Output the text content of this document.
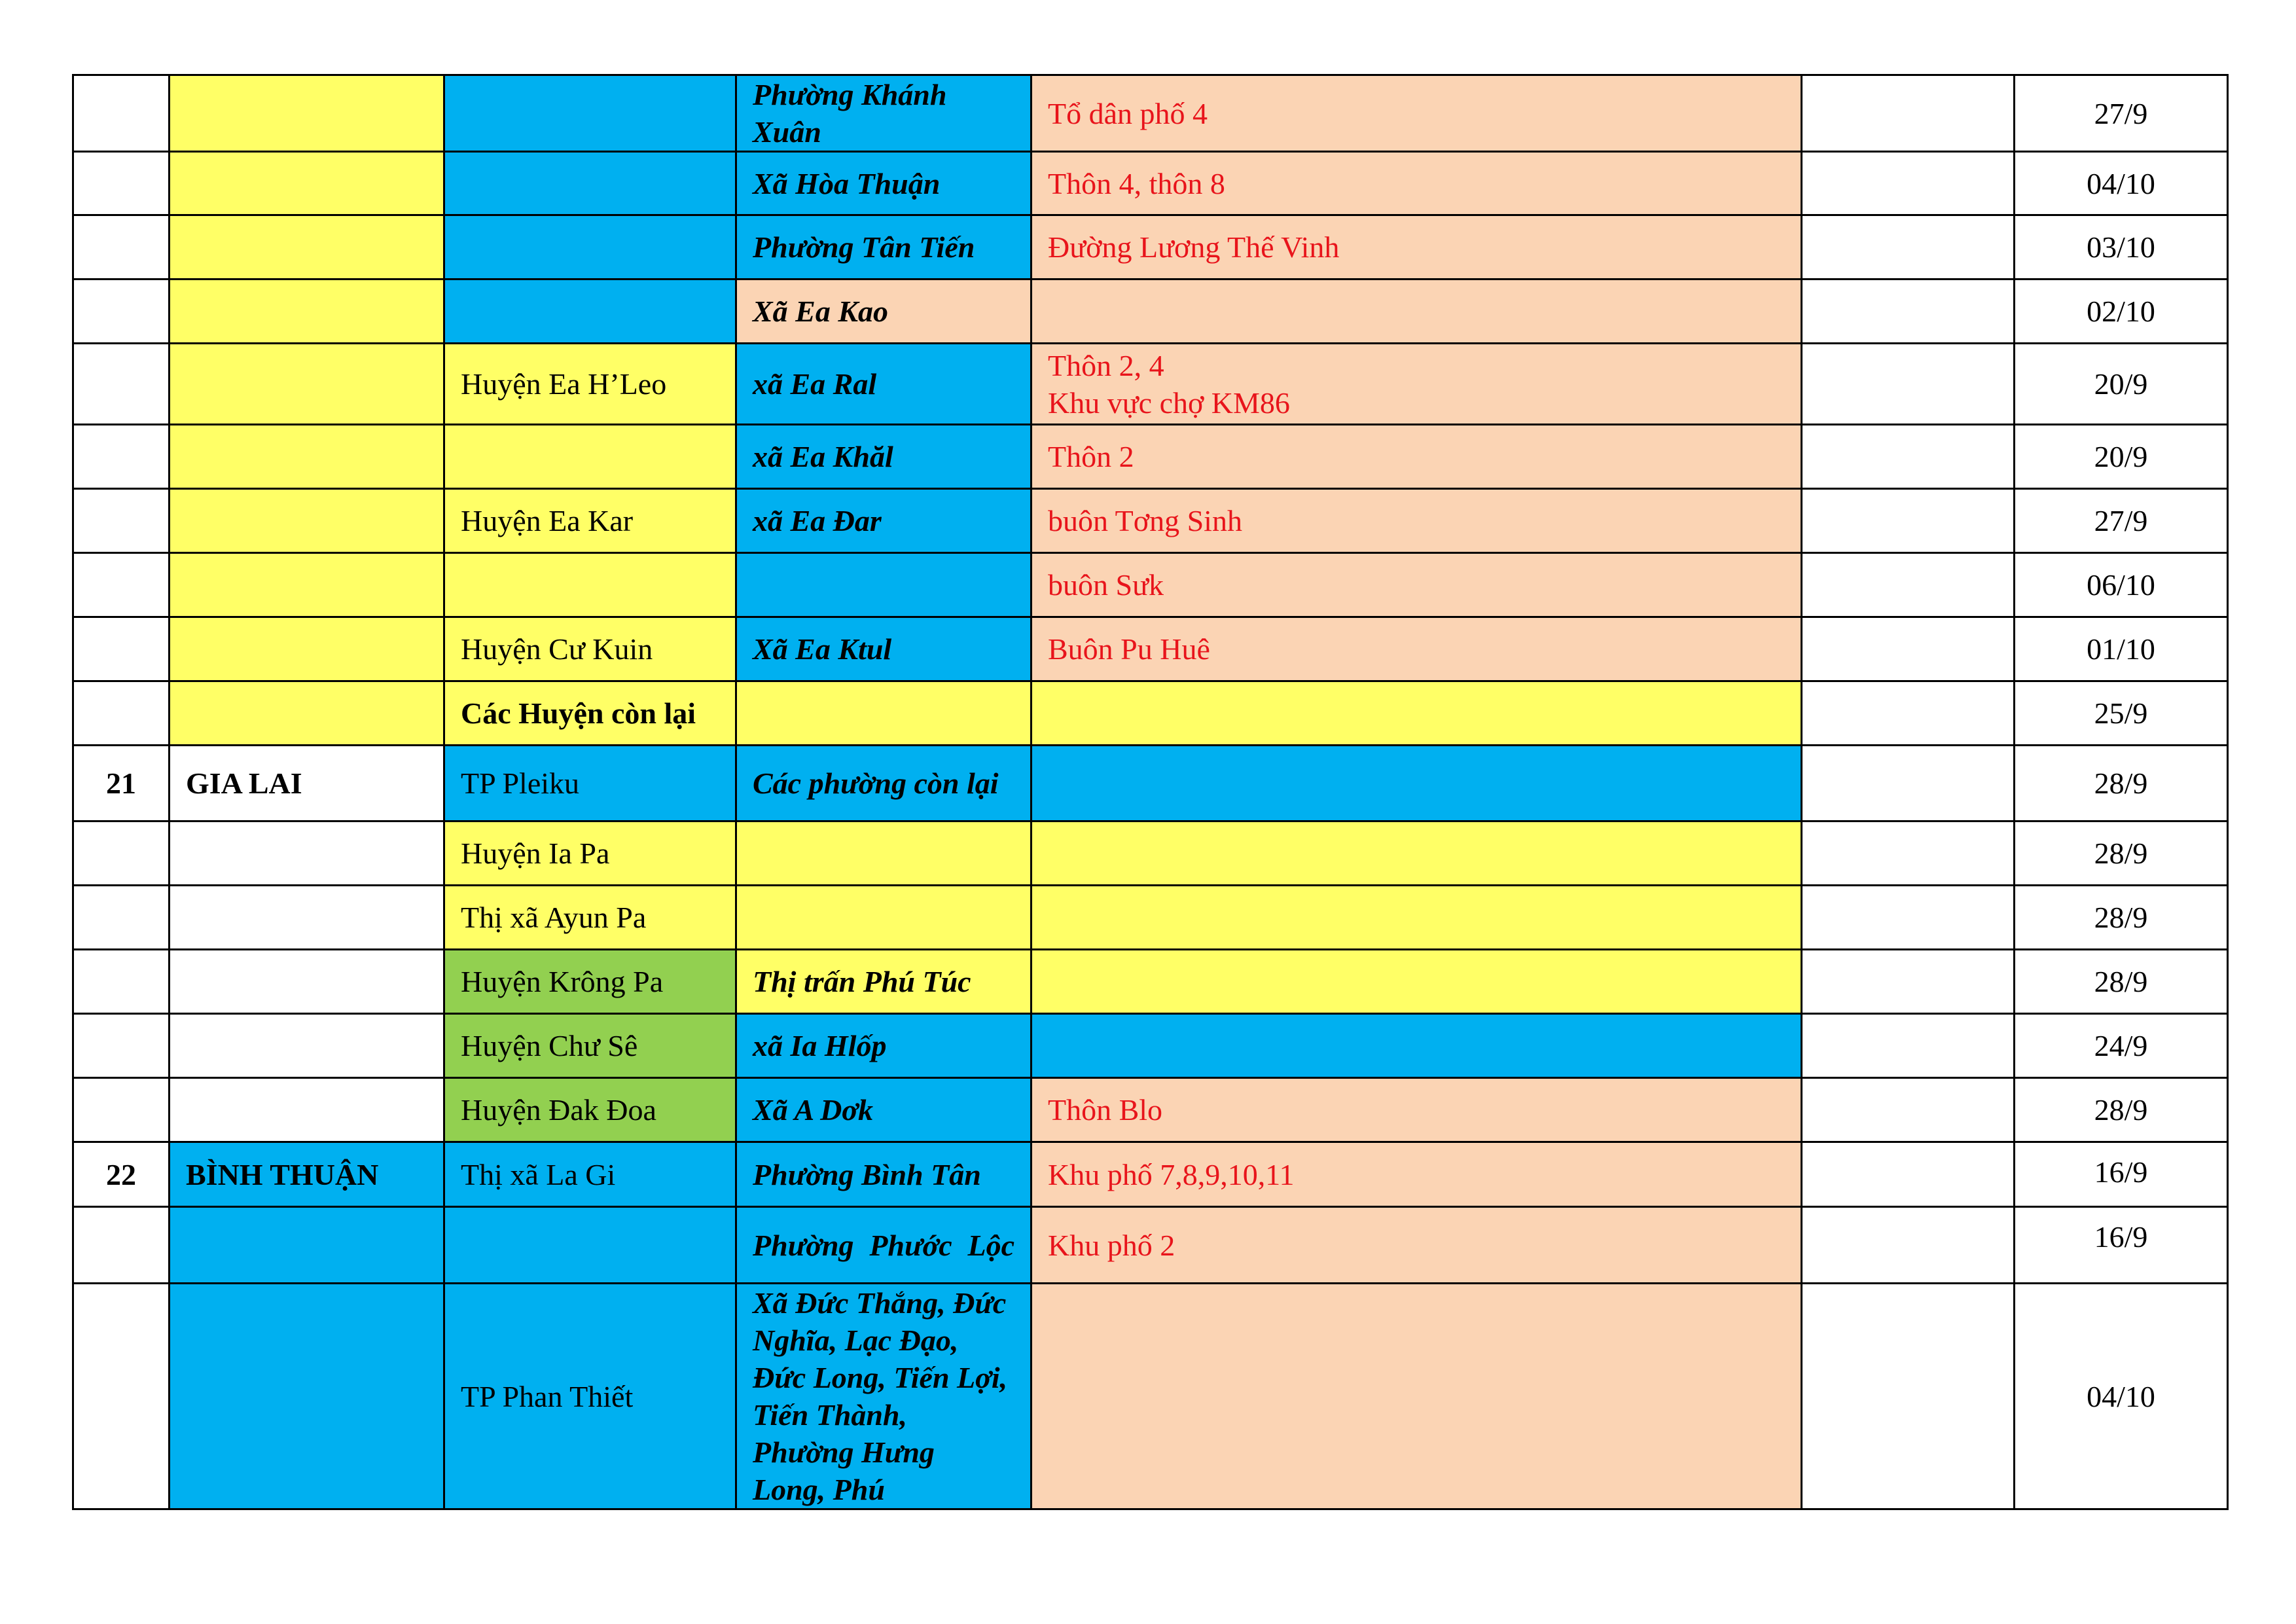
			Phường Khánh Xuân	Tổ dân phố 4		27/9
			Xã Hòa Thuận	Thôn 4, thôn 8		04/10
			Phường Tân Tiến	Đường Lương Thế Vinh		03/10
			Xã Ea Kao			02/10
		Huyện Ea H’Leo	xã Ea Ral	Thôn 2, 4
Khu vực chợ KM86		20/9
			xã Ea Khăl	Thôn 2		20/9
		Huyện Ea Kar	xã Ea Đar	buôn Tơng Sinh		27/9
				buôn Sưk		06/10
		Huyện Cư Kuin	Xã Ea Ktul	Buôn Pu Huê		01/10
		Các Huyện còn lại				25/9
21	GIA LAI	TP Pleiku	Các phường còn lại			28/9
		Huyện Ia Pa				28/9
		Thị xã Ayun Pa				28/9
		Huyện Krông Pa	Thị trấn Phú Túc			28/9
		Huyện Chư Sê	xã Ia Hlốp			24/9
		Huyện Đak Đoa	Xã A Dơk	Thôn Blo		28/9
22	BÌNH THUẬN	Thị xã La Gi	Phường Bình Tân	Khu phố 7,8,9,10,11		16/9
			Phường Phước Lộc	Khu phố 2		16/9
		TP Phan Thiết	Xã Đức Thắng, Đức Nghĩa, Lạc Đạo, Đức Long, Tiến Lợi, Tiến Thành, Phường Hưng Long, Phú			04/10
